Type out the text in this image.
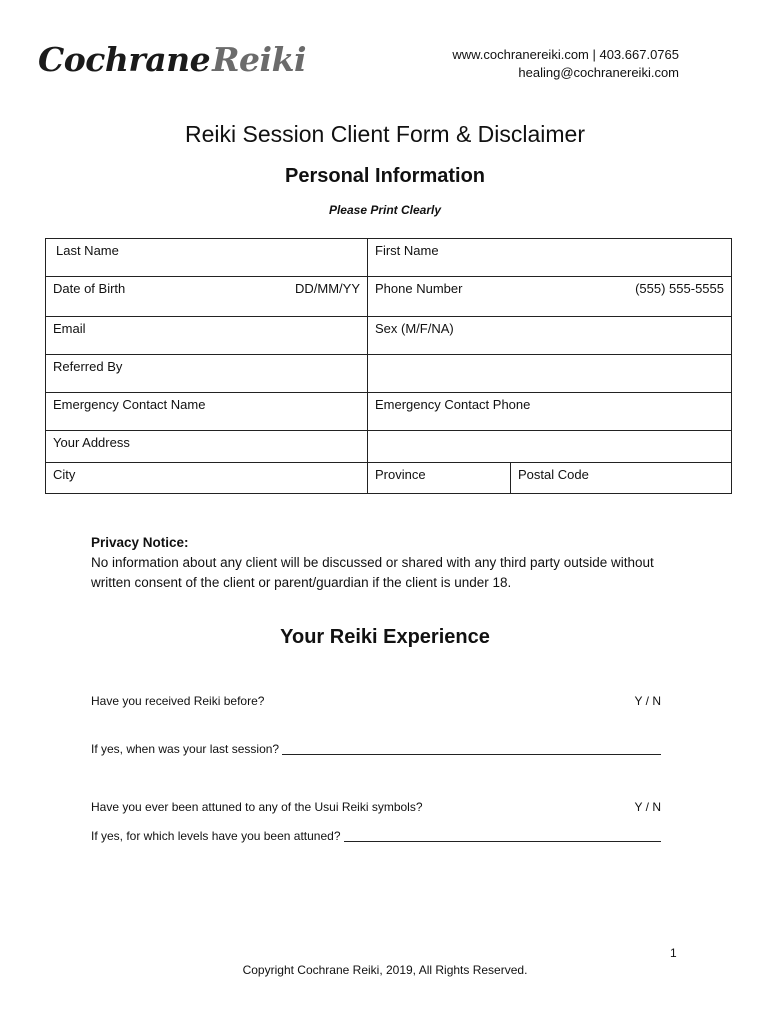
CochraneReiki	www.cochranereiki.com | 403.667.0765
healing@cochranereiki.com
Reiki Session Client Form & Disclaimer
Personal Information
Please Print Clearly
Last Name	First Name	

Date of Birth DD/MM/YY	Phone Number (555) 555-5555	

Email	Sex (M/F/NA)	
Referred By		
Emergency Contact Name	Emergency Contact Phone	
Your Address		
City	Province	Postal Code
Privacy Notice:
No information about any client will be discussed or shared with any third party outside without written consent of the client or parent/guardian if the client is under 18.
Your Reiki Experience
Have you received Reiki before?	Y / N
If yes, when was your last session?
Have you ever been attuned to any of the Usui Reiki symbols?	Y / N
If yes, for which levels have you been attuned?
1
Copyright Cochrane Reiki, 2019, All Rights Reserved.
